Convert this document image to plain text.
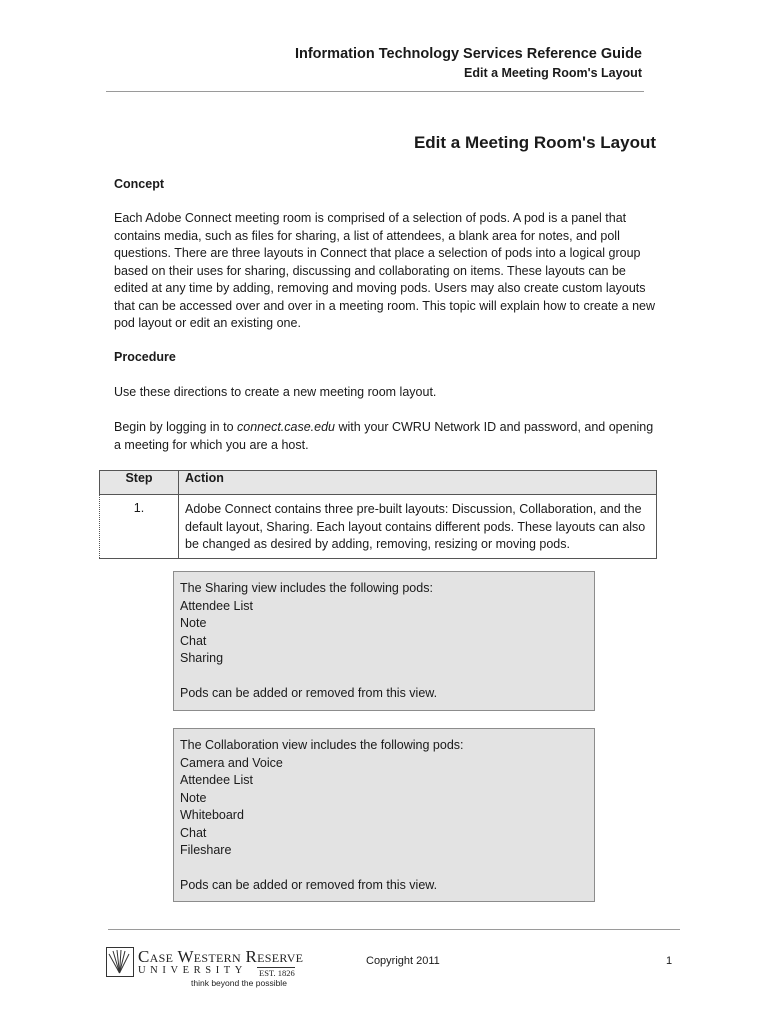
Information Technology Services Reference Guide
Edit a Meeting Room's Layout
Edit a Meeting Room's Layout
Concept

Each Adobe Connect meeting room is comprised of a selection of pods. A pod is a panel that contains media, such as files for sharing, a list of attendees, a blank area for notes, and poll questions. There are three layouts in Connect that place a selection of pods into a logical group based on their uses for sharing, discussing and collaborating on items. These layouts can be edited at any time by adding, removing and moving pods. Users may also create custom layouts that can be accessed over and over in a meeting room. This topic will explain how to create a new pod layout or edit an existing one.

Procedure

Use these directions to create a new meeting room layout.

Begin by logging in to connect.case.edu with your CWRU Network ID and password, and opening a meeting for which you are a host.

Step	Action
1.	Adobe Connect contains three pre-built layouts: Discussion, Collaboration, and the default layout, Sharing. Each layout contains different pods. These layouts can also be changed as desired by adding, removing, resizing or moving pods.
The Sharing view includes the following pods:
Attendee List
Note
Chat
Sharing
Pods can be added or removed from this view.
The Collaboration view includes the following pods:
Camera and Voice
Attendee List
Note
Whiteboard
Chat
Fileshare
Pods can be added or removed from this view.
Case Western Reserve
UNIVERSITY EST. 1826
think beyond the possible
Copyright 2011	1
